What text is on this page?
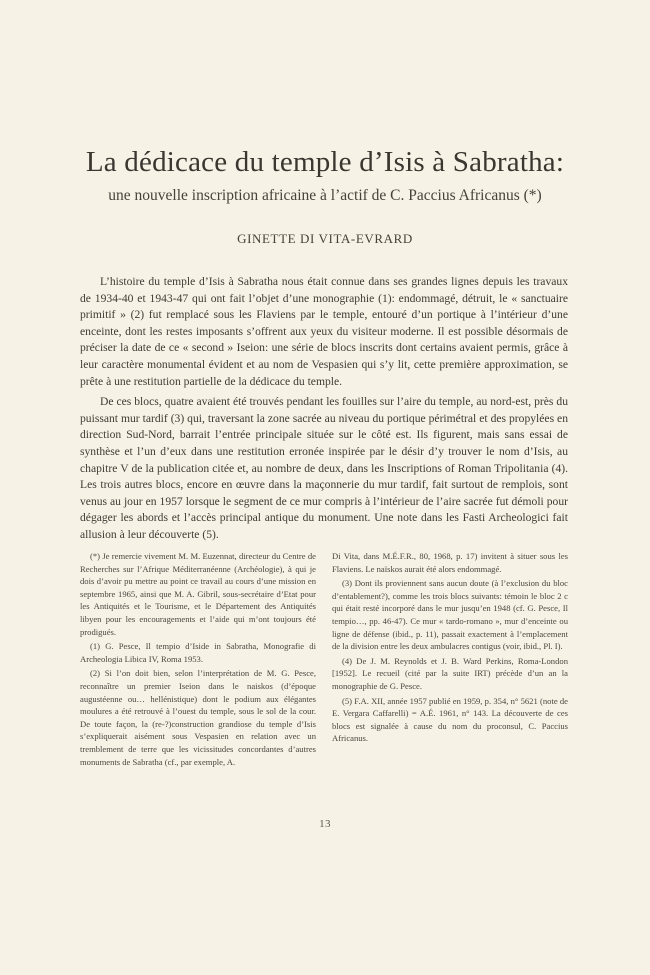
La dédicace du temple d’Isis à Sabratha:
une nouvelle inscription africaine à l’actif de C. Paccius Africanus (*)
GINETTE DI VITA-EVRARD

L’histoire du temple d’Isis à Sabratha nous était connue dans ses grandes lignes depuis les travaux de 1934-40 et 1943-47 qui ont fait l’objet d’une monographie (1): endommagé, détruit, le « sanctuaire primitif » (2) fut remplacé sous les Flaviens par le temple, entouré d’un portique à l’intérieur d’une enceinte, dont les restes imposants s’offrent aux yeux du visiteur moderne. Il est possible désormais de préciser la date de ce « second » Iseion: une série de blocs inscrits dont certains avaient permis, grâce à leur caractère monumental évident et au nom de Vespasien qui s’y lit, cette première approximation, se prête à une restitution partielle de la dédicace du temple.

De ces blocs, quatre avaient été trouvés pendant les fouilles sur l’aire du temple, au nord-est, près du puissant mur tardif (3) qui, traversant la zone sacrée au niveau du portique périmétral et des propylées en direction Sud-Nord, barrait l’entrée principale située sur le côté est. Ils figurent, mais sans essai de synthèse et l’un d’eux dans une restitution erronée inspirée par le désir d’y trouver le nom d’Isis, au chapitre V de la publication citée et, au nombre de deux, dans les Inscriptions of Roman Tripolitania (4). Les trois autres blocs, encore en œuvre dans la maçonnerie du mur tardif, fait surtout de remplois, sont venus au jour en 1957 lorsque le segment de ce mur compris à l’intérieur de l’aire sacrée fut démoli pour dégager les abords et l’accès principal antique du monument. Une note dans les Fasti Archeologici fait allusion à leur découverte (5).

(*) Je remercie vivement M. M. Euzennat, directeur du Centre de Recherches sur l’Afrique Méditerranéenne (Archéologie), à qui je dois d’avoir pu mettre au point ce travail au cours d’une mission en septembre 1965, ainsi que M. A. Gibril, sous-secrétaire d’Etat pour les Antiquités et le Tourisme, et le Département des Antiquités libyen pour les encouragements et l’aide qui m’ont toujours été prodigués.

(1) G. Pesce, Il tempio d’Iside in Sabratha, Monografie di Archeologia Libica IV, Roma 1953.

(2) Si l’on doit bien, selon l’interprétation de M. G. Pesce, reconnaître un premier Iseion dans le naiskos (d’époque augustéenne ou… hellénistique) dont le podium aux élégantes moulures a été retrouvé à l’ouest du temple, sous le sol de la cour. De toute façon, la (re-?)construction grandiose du temple d’Isis s’expliquerait aisément sous Vespasien en relation avec un tremblement de terre que les vicissitudes concordantes d’autres monuments de Sabratha (cf., par exemple, A.

Di Vita, dans M.É.F.R., 80, 1968, p. 17) invitent à situer sous les Flaviens. Le naïskos aurait été alors endommagé.

(3) Dont ils proviennent sans aucun doute (à l’exclusion du bloc d’entablement?), comme les trois blocs suivants: témoin le bloc 2 c qui était resté incorporé dans le mur jusqu’en 1948 (cf. G. Pesce, Il tempio…, pp. 46-47). Ce mur « tardo-romano », mur d’enceinte ou ligne de défense (ibid., p. 11), passait exactement à l’emplacement de la division entre les deux ambulacres contigus (voir, ibid., Pl. I).

(4) De J. M. Reynolds et J. B. Ward Perkins, Roma-London [1952]. Le recueil (cité par la suite IRT) précède d’un an la monographie de G. Pesce.

(5) F.A. XII, année 1957 publié en 1959, p. 354, n° 5621 (note de E. Vergara Caffarelli) = A.É. 1961, n° 143. La découverte de ces blocs est signalée à cause du nom du proconsul, C. Paccius Africanus.

13
